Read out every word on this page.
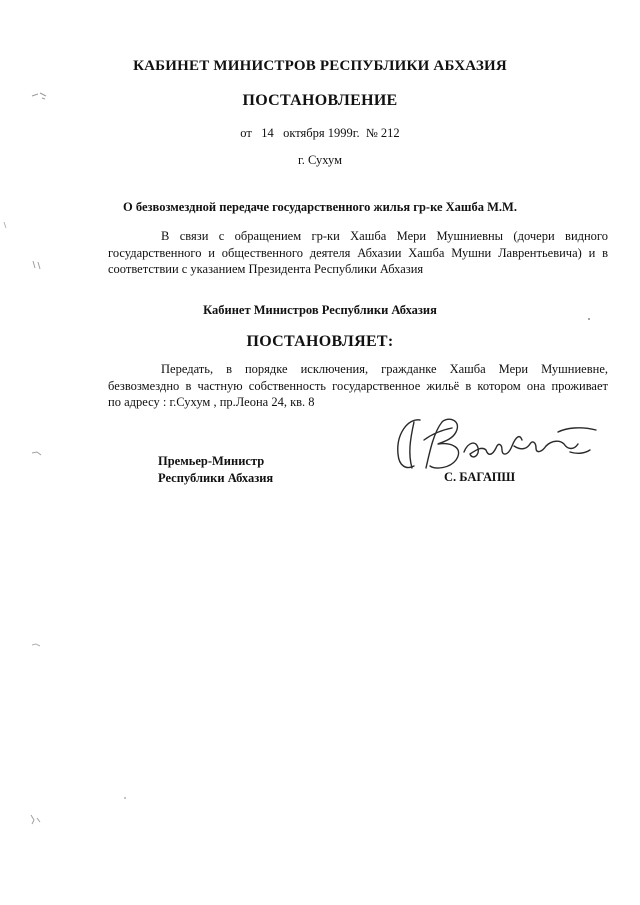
КАБИНЕТ МИНИСТРОВ РЕСПУБЛИКИ АБХАЗИЯ
ПОСТАНОВЛЕНИЕ
от   14   октября 1999г.  № 212
г. Сухум
О безвозмездной передаче государственного жилья гр-ке Хашба М.М.
В связи с обращением гр-ки Хашба Мери Мушниевны (дочери видного
государственного и общественного деятеля Абхазии Хашба Мушни Лаврентьевича) и в
соответствии с указанием Президента Республики Абхазия
Кабинет Министров Республики Абхазия
ПОСТАНОВЛЯЕТ:
Передать, в порядке исключения, гражданке Хашба Мери Мушниевне,
безвозмездно в частную собственность государственное жильё в котором она проживает
по адресу : г.Сухум , пр.Леона 24, кв. 8
Премьер-Министр
Республики Абхазия	С. БАГАПШ
